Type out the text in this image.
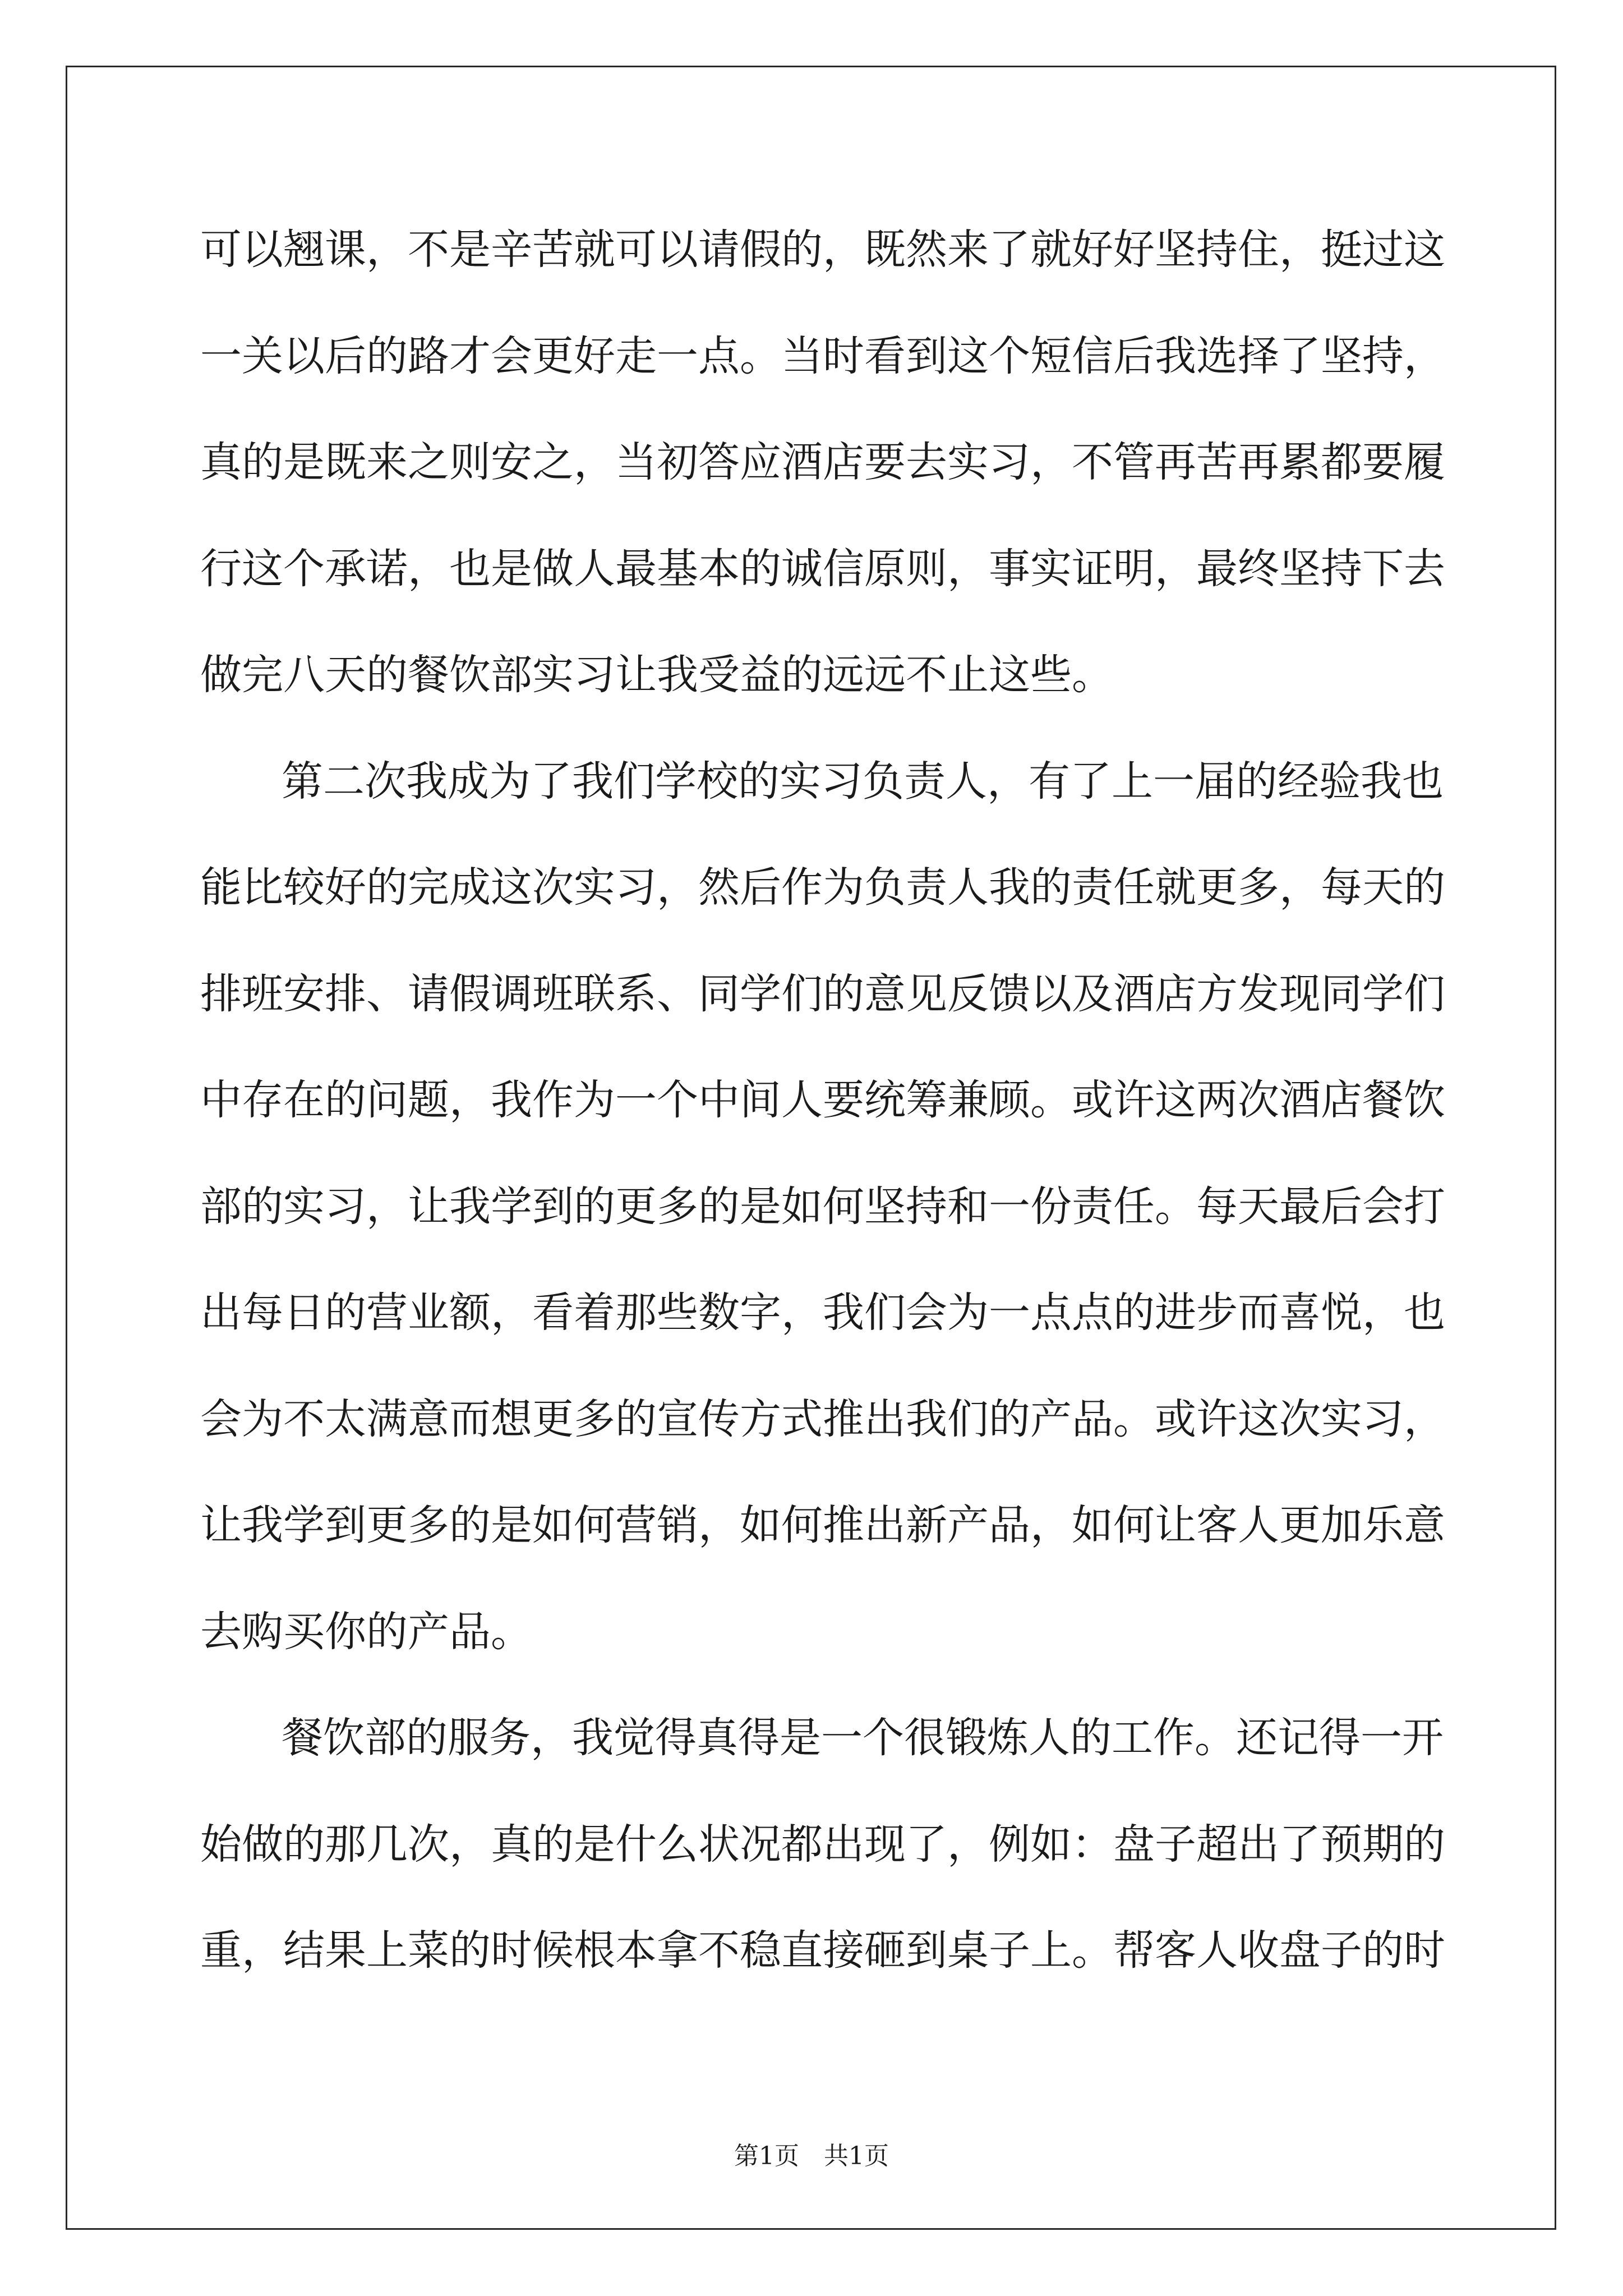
可以翘课，不是辛苦就可以请假的，既然来了就好好坚持住，挺过这
一关以后的路才会更好走一点。当时看到这个短信后我选择了坚持，
真的是既来之则安之，当初答应酒店要去实习，不管再苦再累都要履
行这个承诺，也是做人最基本的诚信原则，事实证明，最终坚持下去
做完八天的餐饮部实习让我受益的远远不止这些。
第二次我成为了我们学校的实习负责人，有了上一届的经验我也
能比较好的完成这次实习，然后作为负责人我的责任就更多，每天的
排班安排、请假调班联系、同学们的意见反馈以及酒店方发现同学们
中存在的问题，我作为一个中间人要统筹兼顾。或许这两次酒店餐饮
部的实习，让我学到的更多的是如何坚持和一份责任。每天最后会打
出每日的营业额，看着那些数字，我们会为一点点的进步而喜悦，也
会为不太满意而想更多的宣传方式推出我们的产品。或许这次实习，
让我学到更多的是如何营销，如何推出新产品，如何让客人更加乐意
去购买你的产品。
餐饮部的服务，我觉得真得是一个很锻炼人的工作。还记得一开
始做的那几次，真的是什么状况都出现了，例如：盘子超出了预期的
重，结果上菜的时候根本拿不稳直接砸到桌子上。帮客人收盘子的时
第1页　共1页
